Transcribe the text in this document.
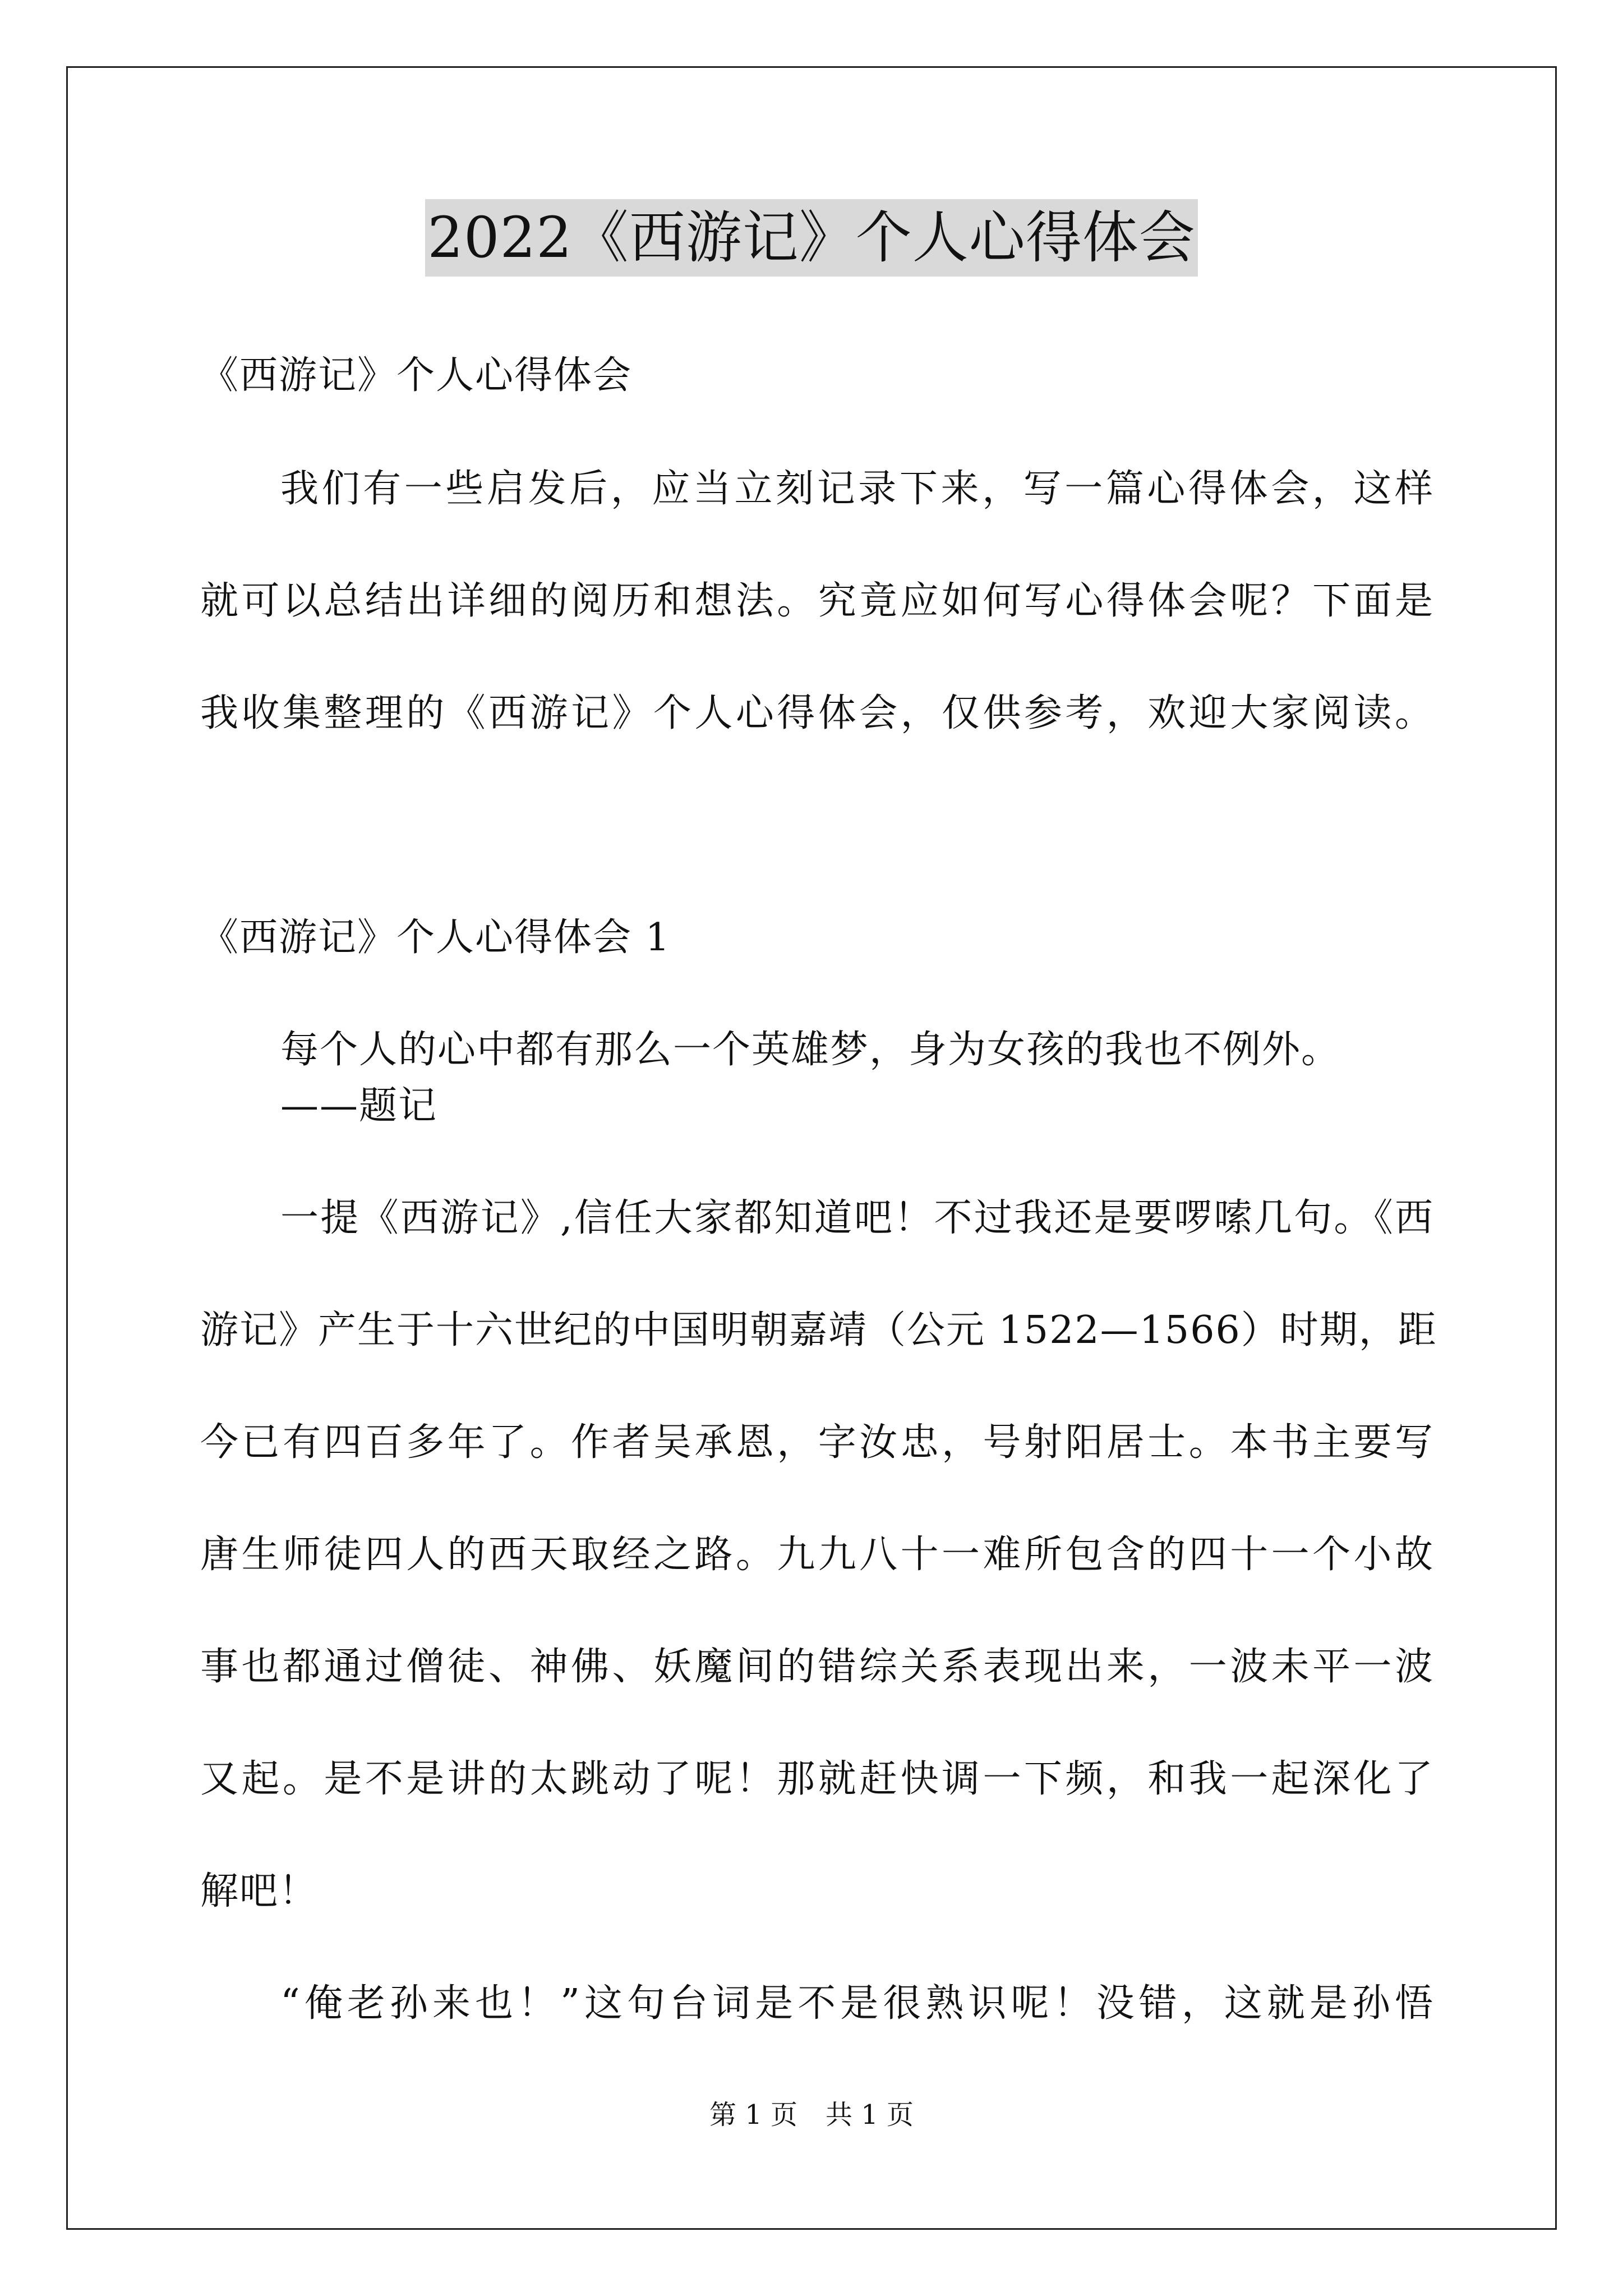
2022《西游记》个人心得体会
《西游记》个人心得体会
我们有一些启发后，应当立刻记录下来，写一篇心得体会，这样
就可以总结出详细的阅历和想法。究竟应如何写心得体会呢？下面是
我收集整理的《西游记》个人心得体会，仅供参考，欢迎大家阅读。
《西游记》个人心得体会 1
每个人的心中都有那么一个英雄梦，身为女孩的我也不例外。
——题记
一提《西游记》,信任大家都知道吧！不过我还是要啰嗦几句。《西
游记》产生于十六世纪的中国明朝嘉靖（公元 1522—1566）时期，距
今已有四百多年了。作者吴承恩，字汝忠，号射阳居士。本书主要写
唐生师徒四人的西天取经之路。九九八十一难所包含的四十一个小故
事也都通过僧徒、神佛、妖魔间的错综关系表现出来，一波未平一波
又起。是不是讲的太跳动了呢！那就赶快调一下频，和我一起深化了
解吧！
“俺老孙来也！”这句台词是不是很熟识呢！没错，这就是孙悟
第 1 页 共 1 页
